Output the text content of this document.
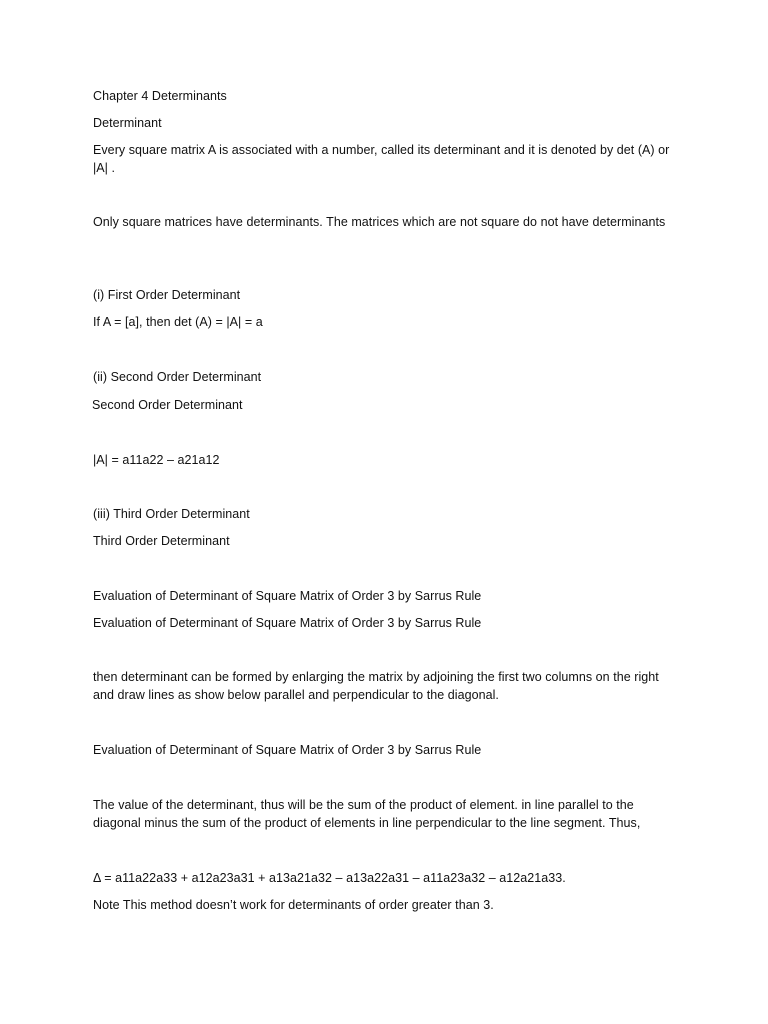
Chapter 4 Determinants
Determinant
Every square matrix A is associated with a number, called its determinant and it is denoted by det (A) or |A| .
Only square matrices have determinants. The matrices which are not square do not have determinants
(i) First Order Determinant
If A = [a], then det (A) = |A| = a
(ii) Second Order Determinant
Second Order Determinant
|A| = a11a22 – a21a12
(iii) Third Order Determinant
Third Order Determinant
Evaluation of Determinant of Square Matrix of Order 3 by Sarrus Rule
Evaluation of Determinant of Square Matrix of Order 3 by Sarrus Rule
then determinant can be formed by enlarging the matrix by adjoining the first two columns on the right and draw lines as show below parallel and perpendicular to the diagonal.
Evaluation of Determinant of Square Matrix of Order 3 by Sarrus Rule
The value of the determinant, thus will be the sum of the product of element. in line parallel to the diagonal minus the sum of the product of elements in line perpendicular to the line segment. Thus,
Δ = a11a22a33 + a12a23a31 + a13a21a32 – a13a22a31 – a11a23a32 – a12a21a33.
Note This method doesn’t work for determinants of order greater than 3.
